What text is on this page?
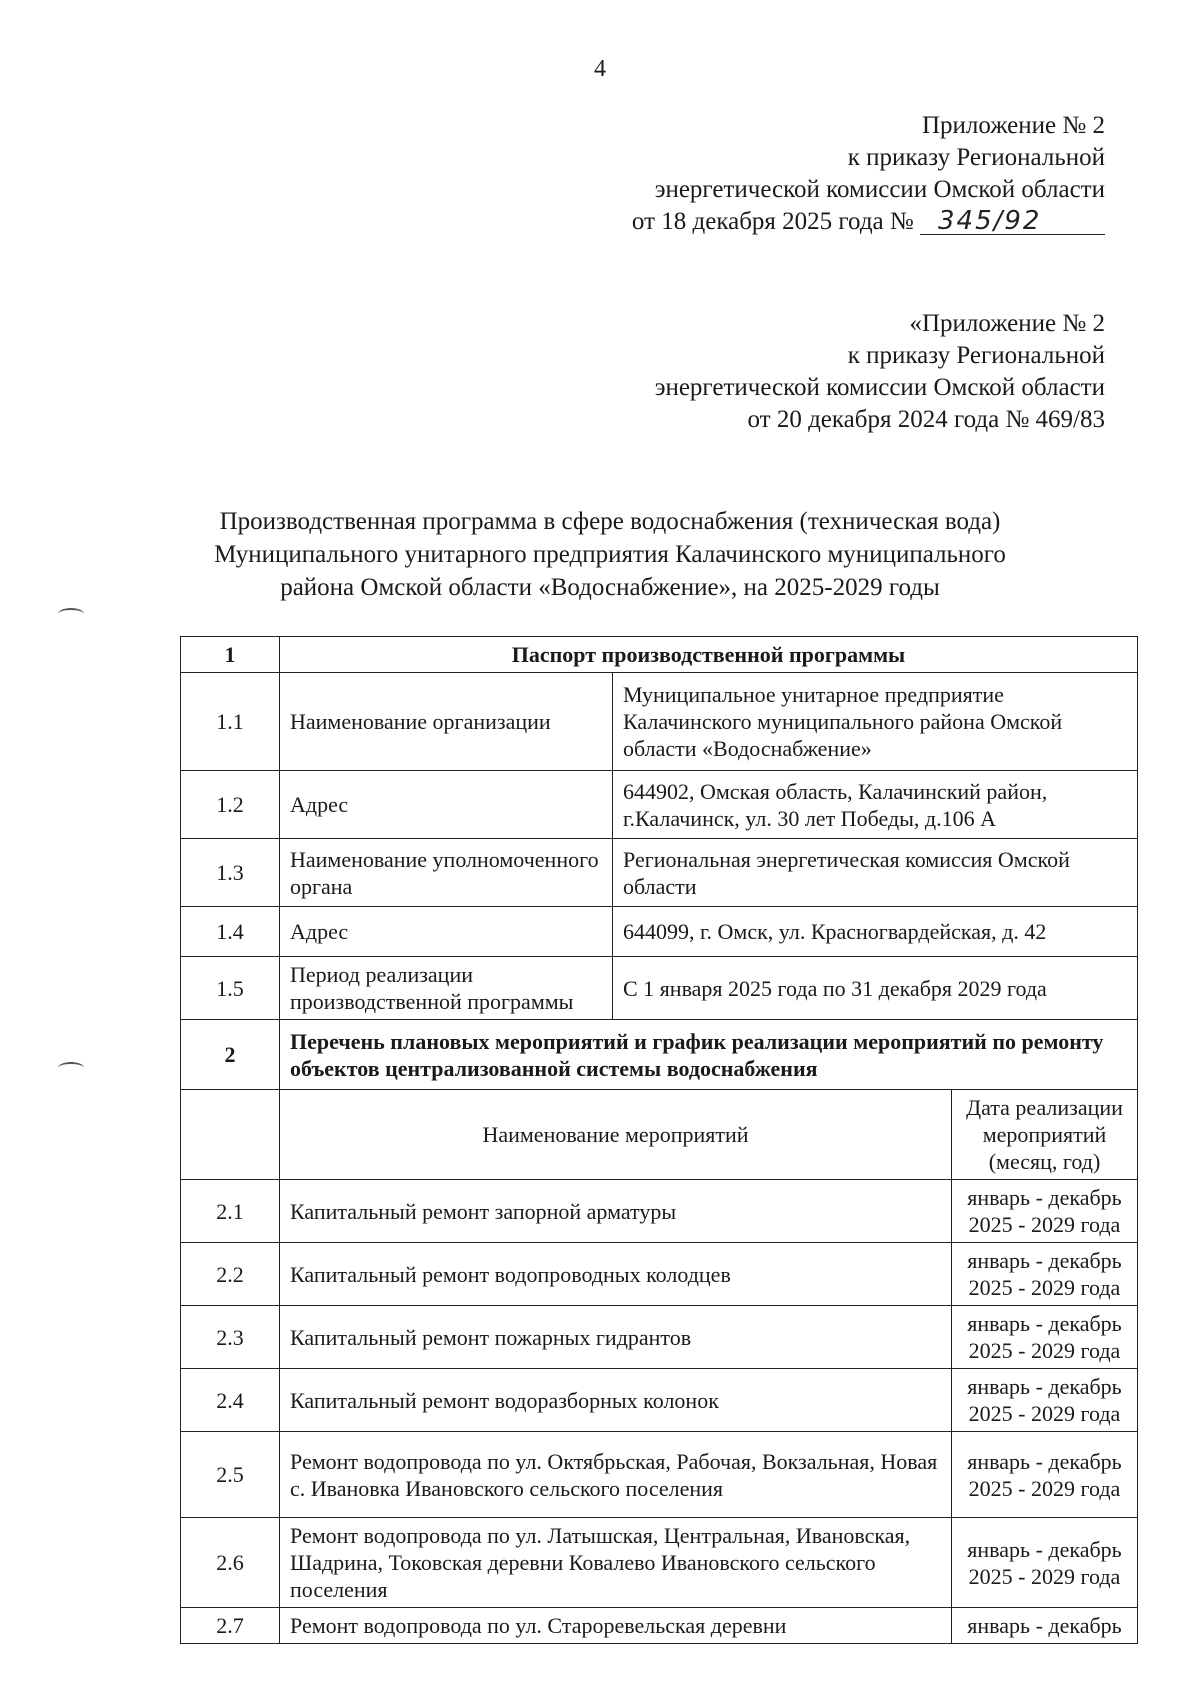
4
Приложение № 2
к приказу Региональной
энергетической комиссии Омской области
от 18 декабря 2025 года № 345/92
«Приложение № 2
к приказу Региональной
энергетической комиссии Омской области
от 20 декабря 2024 года № 469/83
Производственная программа в сфере водоснабжения (техническая вода)
Муниципального унитарного предприятия Калачинского муниципального
района Омской области «Водоснабжение», на 2025-2029 годы
1	Паспорт производственной программы		
1.1	Наименование организации	Муниципальное унитарное предприятие Калачинского муниципального района Омской области «Водоснабжение»	
1.2	Адрес	644902, Омская область, Калачинский район, г.Калачинск, ул. 30 лет Победы, д.106 А	
1.3	Наименование уполномоченного органа	Региональная энергетическая комиссия Омской области	
1.4	Адрес	644099, г. Омск, ул. Красногвардейская, д. 42	
1.5	Период реализации производственной программы	С 1 января 2025 года по 31 декабря 2029 года	
2	Перечень плановых мероприятий и график реализации мероприятий по ремонту объектов централизованной системы водоснабжения		
	Наименование мероприятий		Дата реализации мероприятий (месяц, год)
2.1	Капитальный ремонт запорной арматуры		январь - декабрь 2025 - 2029 года
2.2	Капитальный ремонт водопроводных колодцев		январь - декабрь 2025 - 2029 года
2.3	Капитальный ремонт пожарных гидрантов		январь - декабрь 2025 - 2029 года
2.4	Капитальный ремонт водоразборных колонок		январь - декабрь 2025 - 2029 года
2.5	Ремонт водопровода по ул. Октябрьская, Рабочая, Вокзальная, Новая с. Ивановка Ивановского сельского поселения		январь - декабрь 2025 - 2029 года
2.6	Ремонт водопровода по ул. Латышская, Центральная, Ивановская, Шадрина, Токовская деревни Ковалево Ивановского сельского поселения		январь - декабрь 2025 - 2029 года
2.7	Ремонт водопровода по ул. Староревельская деревни		январь - декабрь
